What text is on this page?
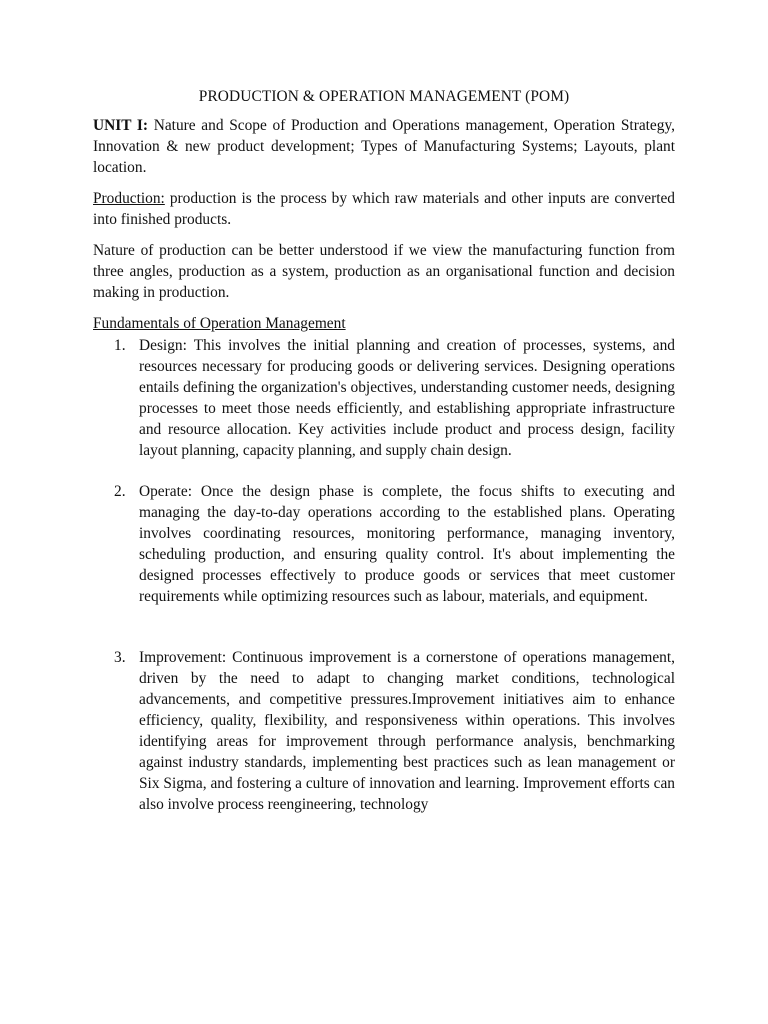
PRODUCTION & OPERATION MANAGEMENT (POM)

UNIT I: Nature and Scope of Production and Operations management, Operation Strategy, Innovation & new product development; Types of Manufacturing Systems; Layouts, plant location.

Production: production is the process by which raw materials and other inputs are converted into finished products.

Nature of production can be better understood if we view the manufacturing function from three angles, production as a system, production as an organisational function and decision making in production.

Fundamentals of Operation Management
1. Design: This involves the initial planning and creation of processes, systems, and resources necessary for producing goods or delivering services. Designing operations entails defining the organization's objectives, understanding customer needs, designing processes to meet those needs efficiently, and establishing appropriate infrastructure and resource allocation. Key activities include product and process design, facility layout planning, capacity planning, and supply chain design.
2. Operate: Once the design phase is complete, the focus shifts to executing and managing the day-to-day operations according to the established plans. Operating involves coordinating resources, monitoring performance, managing inventory, scheduling production, and ensuring quality control. It's about implementing the designed processes effectively to produce goods or services that meet customer requirements while optimizing resources such as labour, materials, and equipment.
3. Improvement: Continuous improvement is a cornerstone of operations management, driven by the need to adapt to changing market conditions, technological advancements, and competitive pressures.Improvement initiatives aim to enhance efficiency, quality, flexibility, and responsiveness within operations. This involves identifying areas for improvement through performance analysis, benchmarking against industry standards, implementing best practices such as lean management or Six Sigma, and fostering a culture of innovation and learning. Improvement efforts can also involve process reengineering, technology
